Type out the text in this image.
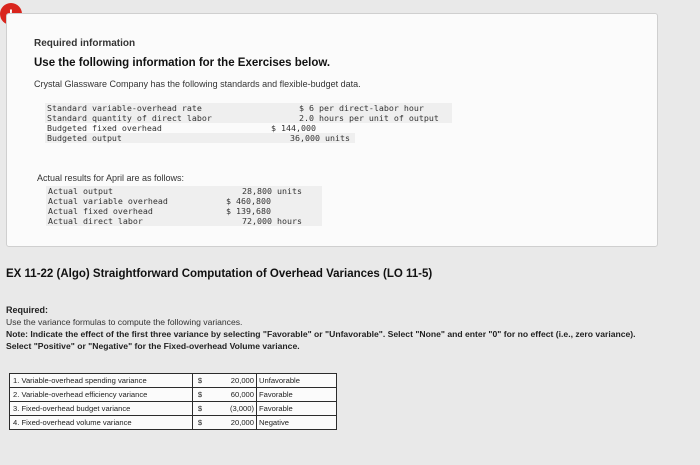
Required information
Use the following information for the Exercises below.
Crystal Glassware Company has the following standards and flexible-budget data.
Standard variable-overhead rate	$ 6 per direct-labor hour
Standard quantity of direct labor	2.0 hours per unit of output
Budgeted fixed overhead	$ 144,000
Budgeted output	36,000 units
Actual results for April are as follows:
Actual output	28,800 units
Actual variable overhead	$ 460,800
Actual fixed overhead	$ 139,680
Actual direct labor	72,000 hours
EX 11-22 (Algo) Straightforward Computation of Overhead Variances (LO 11-5)
Required:
Use the variance formulas to compute the following variances.
Note: Indicate the effect of the first three variance by selecting "Favorable" or "Unfavorable". Select "None" and enter "0" for no effect (i.e., zero variance). Select "Positive" or "Negative" for the Fixed-overhead Volume variance.
1. Variable-overhead spending variance	$	20,000	Unfavorable
2. Variable-overhead efficiency variance	$	60,000	Favorable
3. Fixed-overhead budget variance	$	(3,000)	Favorable
4. Fixed-overhead volume variance	$	20,000	Negative
